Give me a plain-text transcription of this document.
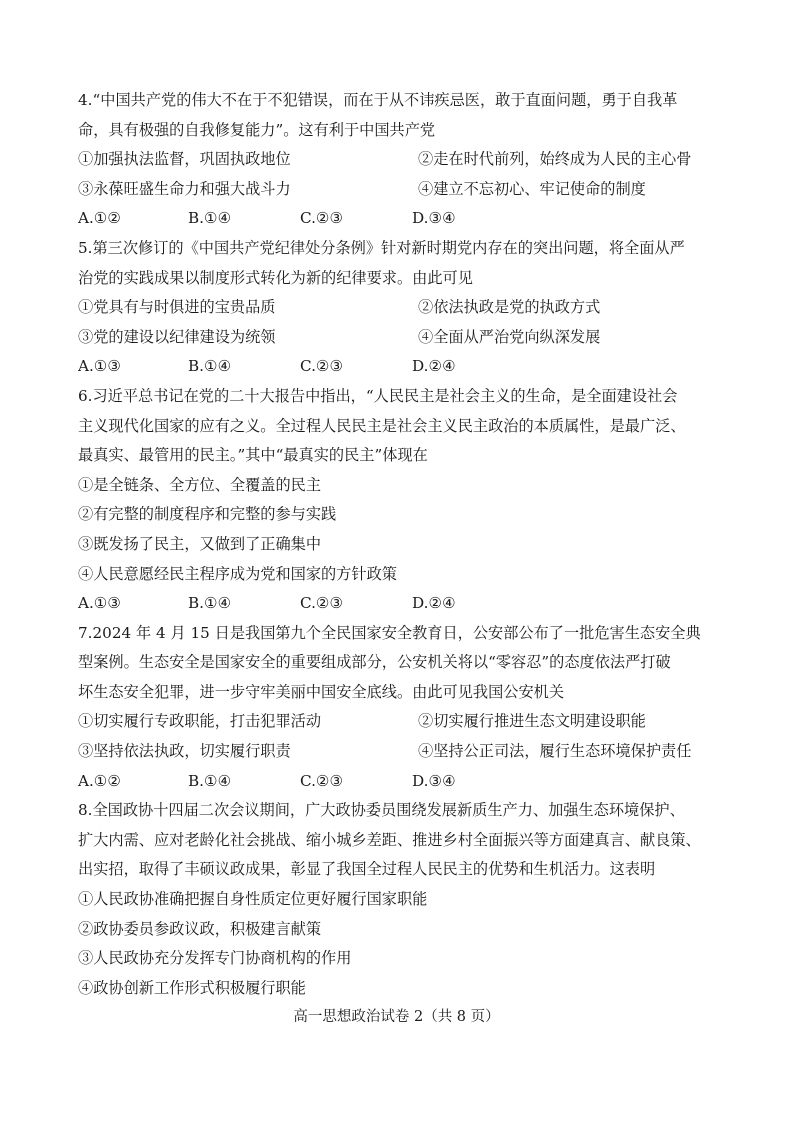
4.“中国共产党的伟大不在于不犯错误，而在于从不讳疾忌医，敢于直面问题，勇于自我革
命，具有极强的自我修复能力”。这有利于中国共产党
①加强执法监督，巩固执政地位	②走在时代前列，始终成为人民的主心骨
③永葆旺盛生命力和强大战斗力	④建立不忘初心、牢记使命的制度
A.①②	B.①④	C.②③	D.③④
5.第三次修订的《中国共产党纪律处分条例》针对新时期党内存在的突出问题，将全面从严
治党的实践成果以制度形式转化为新的纪律要求。由此可见
①党具有与时俱进的宝贵品质	②依法执政是党的执政方式
③党的建设以纪律建设为统领	④全面从严治党向纵深发展
A.①③	B.①④	C.②③	D.②④
6.习近平总书记在党的二十大报告中指出，“人民民主是社会主义的生命，是全面建设社会
主义现代化国家的应有之义。全过程人民民主是社会主义民主政治的本质属性，是最广泛、
最真实、最管用的民主。”其中“最真实的民主”体现在
①是全链条、全方位、全覆盖的民主
②有完整的制度程序和完整的参与实践
③既发扬了民主，又做到了正确集中
④人民意愿经民主程序成为党和国家的方针政策
A.①③	B.①④	C.②③	D.②④
7.2024 年 4 月 15 日是我国第九个全民国家安全教育日，公安部公布了一批危害生态安全典
型案例。生态安全是国家安全的重要组成部分，公安机关将以“零容忍”的态度依法严打破
坏生态安全犯罪，进一步守牢美丽中国安全底线。由此可见我国公安机关
①切实履行专政职能，打击犯罪活动	②切实履行推进生态文明建设职能
③坚持依法执政，切实履行职责	④坚持公正司法，履行生态环境保护责任
A.①②	B.①④	C.②③	D.③④
8.全国政协十四届二次会议期间，广大政协委员围绕发展新质生产力、加强生态环境保护、
扩大内需、应对老龄化社会挑战、缩小城乡差距、推进乡村全面振兴等方面建真言、献良策、
出实招，取得了丰硕议政成果，彰显了我国全过程人民民主的优势和生机活力。这表明
①人民政协准确把握自身性质定位更好履行国家职能
②政协委员参政议政，积极建言献策
③人民政协充分发挥专门协商机构的作用
④政协创新工作形式积极履行职能
高一思想政治试卷 2（共 8 页）
